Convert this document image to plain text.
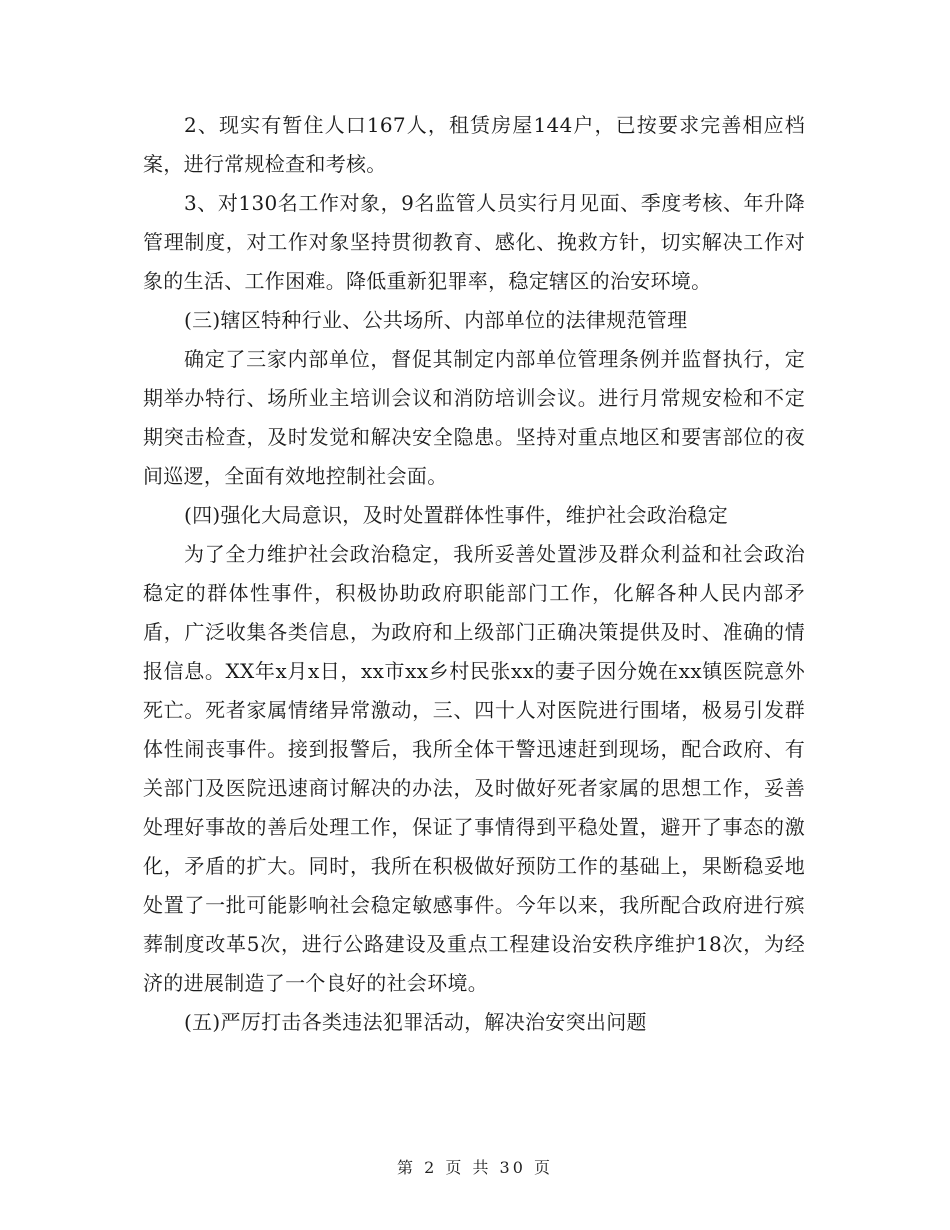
2、现实有暂住人口167人，租赁房屋144户，已按要求完善相应档案，进行常规检查和考核。

3、对130名工作对象，9名监管人员实行月见面、季度考核、年升降管理制度，对工作对象坚持贯彻教育、感化、挽救方针，切实解决工作对象的生活、工作困难。降低重新犯罪率，稳定辖区的治安环境。

(三)辖区特种行业、公共场所、内部单位的法律规范管理

确定了三家内部单位，督促其制定内部单位管理条例并监督执行，定期举办特行、场所业主培训会议和消防培训会议。进行月常规安检和不定期突击检查，及时发觉和解决安全隐患。坚持对重点地区和要害部位的夜间巡逻，全面有效地控制社会面。

(四)强化大局意识，及时处置群体性事件，维护社会政治稳定

为了全力维护社会政治稳定，我所妥善处置涉及群众利益和社会政治稳定的群体性事件，积极协助政府职能部门工作，化解各种人民内部矛盾，广泛收集各类信息，为政府和上级部门正确决策提供及时、准确的情报信息。XX年x月x日，xx市xx乡村民张xx的妻子因分娩在xx镇医院意外死亡。死者家属情绪异常激动，三、四十人对医院进行围堵，极易引发群体性闹丧事件。接到报警后，我所全体干警迅速赶到现场，配合政府、有关部门及医院迅速商讨解决的办法，及时做好死者家属的思想工作，妥善处理好事故的善后处理工作，保证了事情得到平稳处置，避开了事态的激化，矛盾的扩大。同时，我所在积极做好预防工作的基础上，果断稳妥地处置了一批可能影响社会稳定敏感事件。今年以来，我所配合政府进行殡葬制度改革5次，进行公路建设及重点工程建设治安秩序维护18次，为经济的进展制造了一个良好的社会环境。

(五)严厉打击各类违法犯罪活动，解决治安突出问题

第 2 页 共 30 页
